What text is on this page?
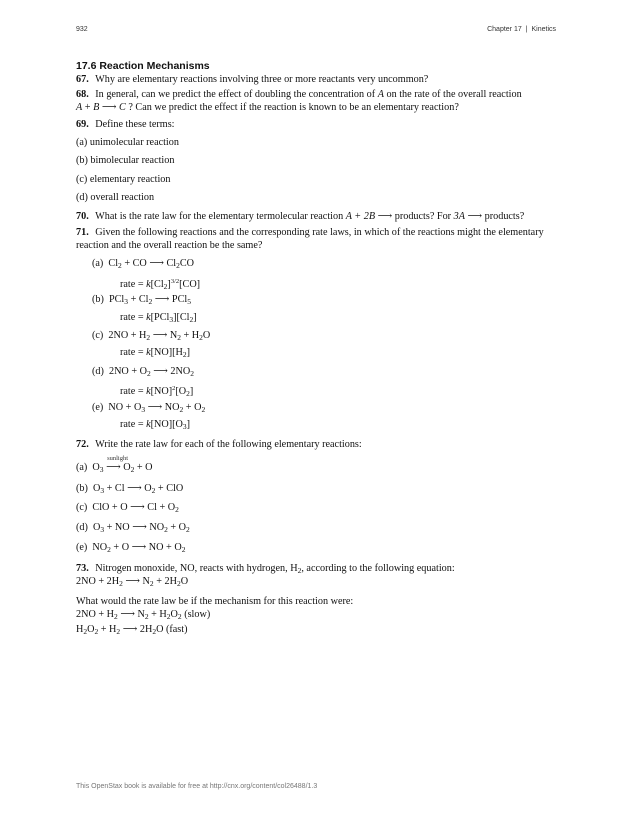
932	Chapter 17 | Kinetics
17.6 Reaction Mechanisms
67. Why are elementary reactions involving three or more reactants very uncommon?
68. In general, can we predict the effect of doubling the concentration of A on the rate of the overall reaction
A + B ⟶ C ? Can we predict the effect if the reaction is known to be an elementary reaction?
69. Define these terms:
(a) unimolecular reaction
(b) bimolecular reaction
(c) elementary reaction
(d) overall reaction
70. What is the rate law for the elementary termolecular reaction A + 2B ⟶ products? For 3A ⟶ products?
71. Given the following reactions and the corresponding rate laws, in which of the reactions might the elementary
reaction and the overall reaction be the same?
(a)  $Cl_2$ + CO ⟶ $Cl_2CO$
rate = $k[Cl_2]^{3/2}[CO]$
(b)  $PCl_3 + Cl_2$ ⟶ PCl$_5$
rate = $k[PCl_3][Cl_2]$
(c)  $2NO + H_2$ ⟶ $N_2 + H_2O$
rate = $k[NO][H_2]$
(d)  $2NO + O_2$ ⟶ $2NO_2$
rate = $k[NO]^2[O_2]$
(e)  NO + $O_3$ ⟶ $NO_2 + O_2$
rate = $k[NO][O_3]$
72. Write the rate law for each of the following elementary reactions:
(a)  $O_3$
sunlight
⟶ $O_2 + O$
(b)  $O_3 + Cl$ ⟶ $O_2$ + ClO
(c)  ClO + O ⟶ $Cl + O_2$
(d)  $O_3$ + NO ⟶ $NO_2 + O_2$
(e)  $NO_2 + O$ ⟶ NO + $O_2$
73. Nitrogen monoxide, NO, reacts with hydrogen, $H_2$, according to the following equation:
$2NO + 2H_2$ ⟶ $N_2 + 2H_2O$
What would the rate law be if the mechanism for this reaction were:
$2NO + H_2$ ⟶ $N_2 + H_2O_2$ (slow)
$H_2O_2 + H_2$ ⟶ $2H_2O$ (fast)
This OpenStax book is available for free at http://cnx.org/content/col26488/1.3
